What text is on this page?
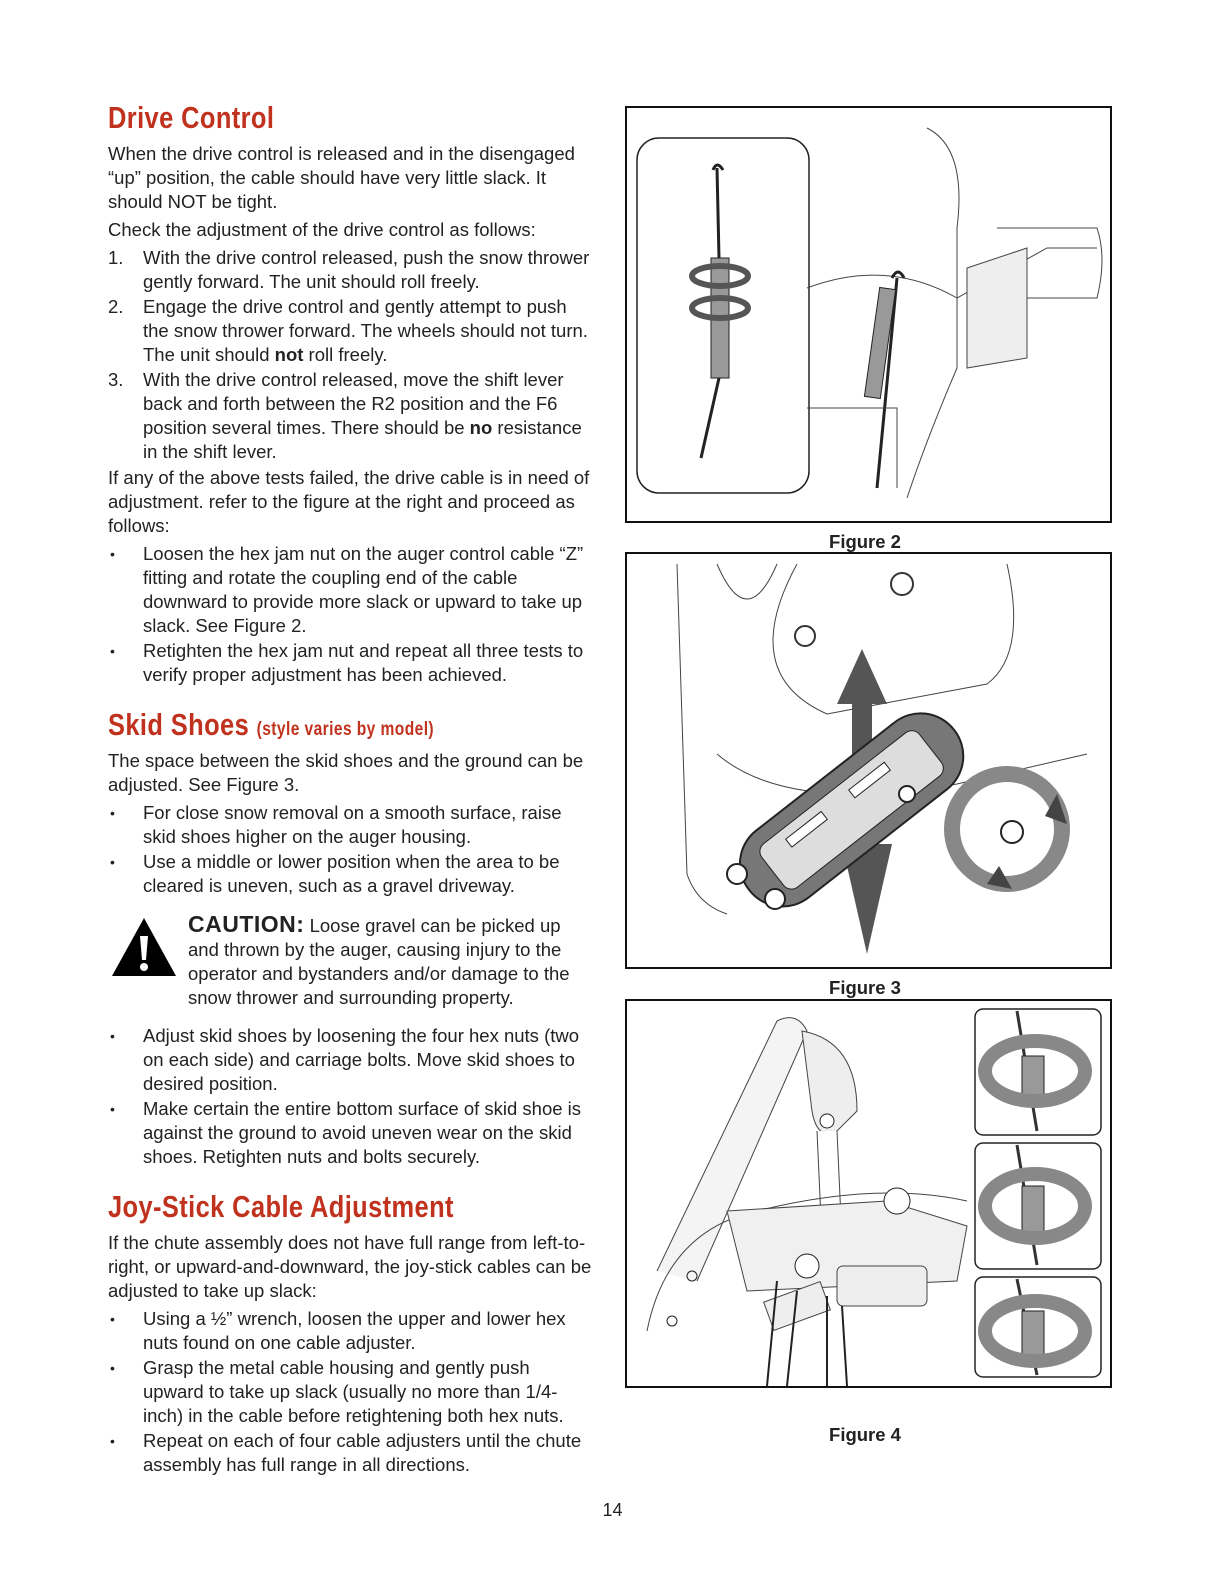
Drive Control

When the drive control is released and in the disengaged “up” position, the cable should have very little slack. It should NOT be tight.

Check the adjustment of the drive control as follows:

1. With the drive control released, push the snow thrower gently forward. The unit should roll freely.
2. Engage the drive control and gently attempt to push the snow thrower forward. The wheels should not turn. The unit should not roll freely.
3. With the drive control released, move the shift lever back and forth between the R2 position and the F6 position several times. There should be no resistance in the shift lever.

If any of the above tests failed, the drive cable is in need of adjustment. refer to the figure at the right and proceed as follows:

• Loosen the hex jam nut on the auger control cable “Z” fitting and rotate the coupling end of the cable downward to provide more slack or upward to take up slack. See Figure 2.
• Retighten the hex jam nut and repeat all three tests to verify proper adjustment has been achieved.
Skid Shoes (style varies by model)

The space between the skid shoes and the ground can be adjusted. See Figure 3.

• For close snow removal on a smooth surface, raise skid shoes higher on the auger housing.
• Use a middle or lower position when the area to be cleared is uneven, such as a gravel driveway.
CAUTION: Loose gravel can be picked up and thrown by the auger, causing injury to the operator and bystanders and/or damage to the snow thrower and surrounding property.
• Adjust skid shoes by loosening the four hex nuts (two on each side) and carriage bolts. Move skid shoes to desired position.
• Make certain the entire bottom surface of skid shoe is against the ground to avoid uneven wear on the skid shoes. Retighten nuts and bolts securely.
Joy-Stick Cable Adjustment

If the chute assembly does not have full range from left-to-right, or upward-and-downward, the joy-stick cables can be adjusted to take up slack:

• Using a ½” wrench, loosen the upper and lower hex nuts found on one cable adjuster.
• Grasp the metal cable housing and gently push upward to take up slack (usually no more than 1/4-inch) in the cable before retightening both hex nuts.
• Repeat on each of four cable adjusters until the chute assembly has full range in all directions.
Figure 2
Figure 3
Figure 4
14
